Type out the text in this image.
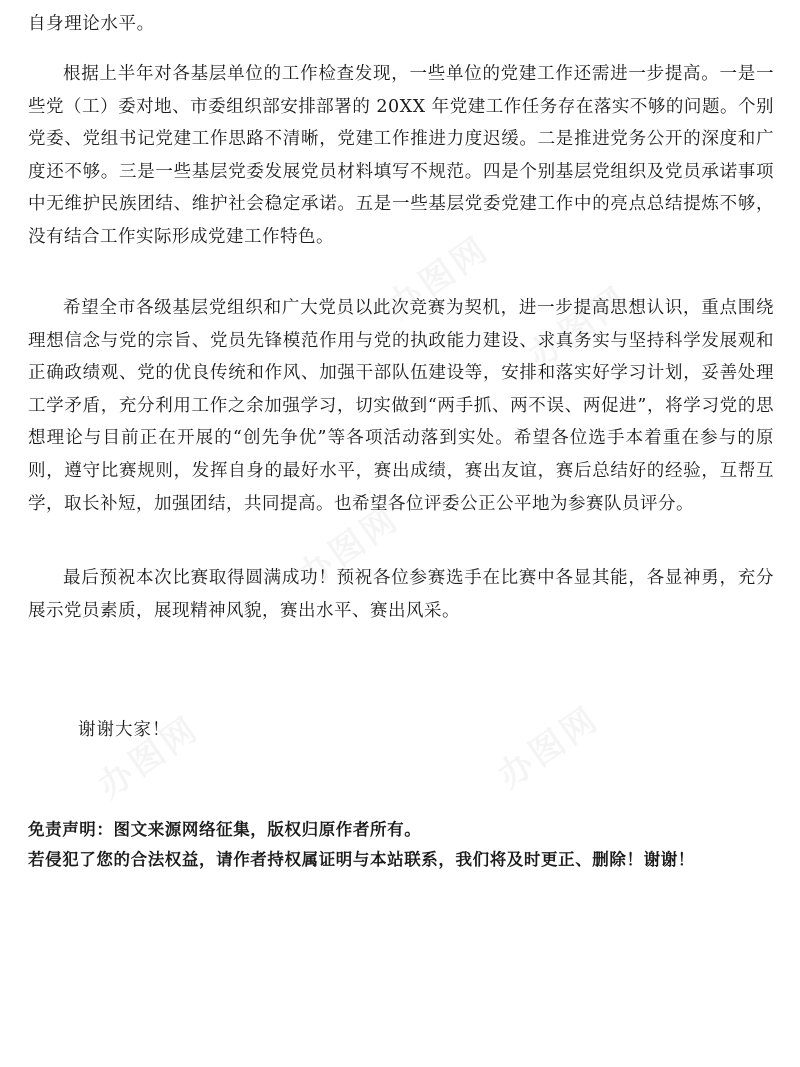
自身理论水平。

根据上半年对各基层单位的工作检查发现，一些单位的党建工作还需进一步提高。一是一些党（工）委对地、市委组织部安排部署的 20XX 年党建工作任务存在落实不够的问题。个别党委、党组书记党建工作思路不清晰，党建工作推进力度迟缓。二是推进党务公开的深度和广度还不够。三是一些基层党委发展党员材料填写不规范。四是个别基层党组织及党员承诺事项中无维护民族团结、维护社会稳定承诺。五是一些基层党委党建工作中的亮点总结提炼不够，没有结合工作实际形成党建工作特色。

希望全市各级基层党组织和广大党员以此次竞赛为契机，进一步提高思想认识，重点围绕理想信念与党的宗旨、党员先锋模范作用与党的执政能力建设、求真务实与坚持科学发展观和正确政绩观、党的优良传统和作风、加强干部队伍建设等，安排和落实好学习计划，妥善处理工学矛盾，充分利用工作之余加强学习，切实做到“两手抓、两不误、两促进”，将学习党的思想理论与目前正在开展的“创先争优”等各项活动落到实处。希望各位选手本着重在参与的原则，遵守比赛规则，发挥自身的最好水平，赛出成绩，赛出友谊，赛后总结好的经验，互帮互学，取长补短，加强团结，共同提高。也希望各位评委公正公平地为参赛队员评分。

最后预祝本次比赛取得圆满成功！预祝各位参赛选手在比赛中各显其能，各显神勇，充分展示党员素质，展现精神风貌，赛出水平、赛出风采。

谢谢大家！
免责声明：图文来源网络征集，版权归原作者所有。
若侵犯了您的合法权益，请作者持权属证明与本站联系，我们将及时更正、删除！谢谢！
